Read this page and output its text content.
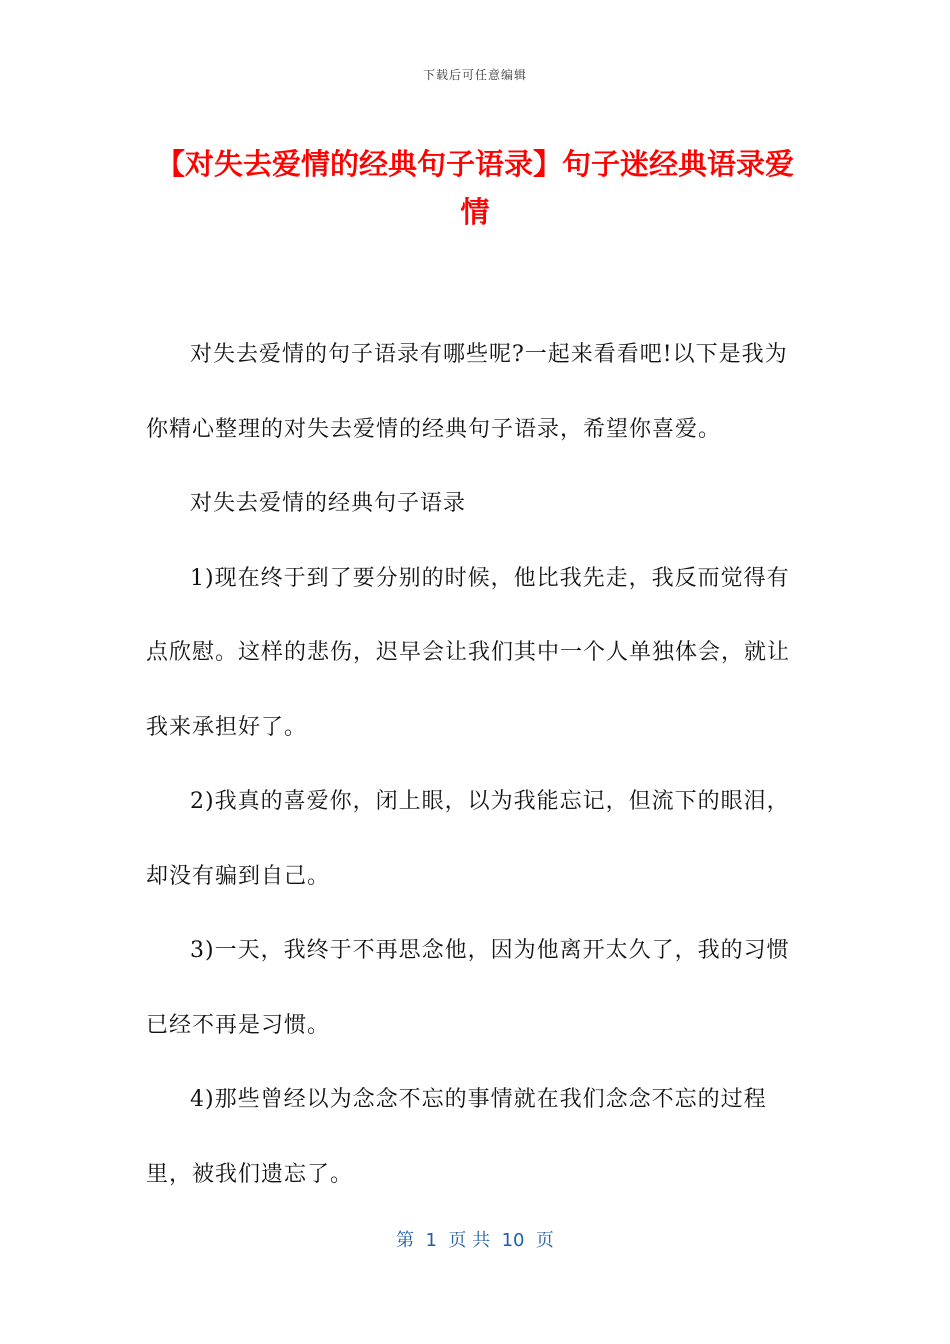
下载后可任意编辑
【对失去爱情的经典句子语录】句子迷经典语录爱情

对失去爱情的句子语录有哪些呢?一起来看看吧!以下是我为你精心整理的对失去爱情的经典句子语录，希望你喜爱。

对失去爱情的经典句子语录

1)现在终于到了要分别的时候，他比我先走，我反而觉得有点欣慰。这样的悲伤，迟早会让我们其中一个人单独体会，就让我来承担好了。

2)我真的喜爱你，闭上眼，以为我能忘记，但流下的眼泪，却没有骗到自己。

3)一天，我终于不再思念他，因为他离开太久了，我的习惯已经不再是习惯。

4)那些曾经以为念念不忘的事情就在我们念念不忘的过程里，被我们遗忘了。

第  1  页 共  10  页
